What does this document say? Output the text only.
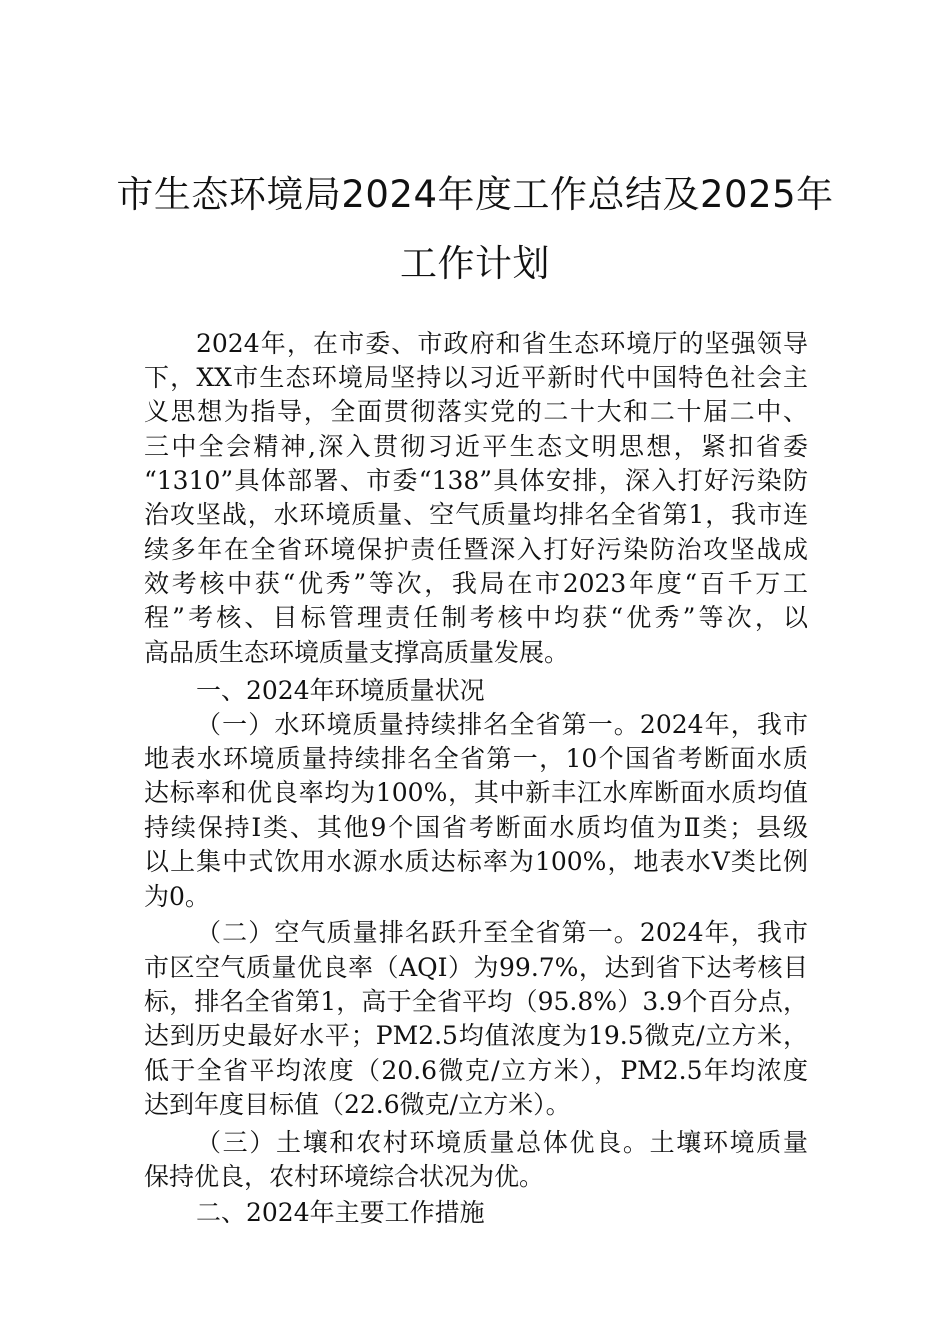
市生态环境局2024年度工作总结及2025年
工作计划
2024年，在市委、市政府和省生态环境厅的坚强领导
下，XX市生态环境局坚持以习近平新时代中国特色社会主
义思想为指导，全面贯彻落实党的二十大和二十届二中、
三中全会精神,深入贯彻习近平生态文明思想，紧扣省委
“1310”具体部署、市委“138”具体安排，深入打好污染防
治攻坚战，水环境质量、空气质量均排名全省第1，我市连
续多年在全省环境保护责任暨深入打好污染防治攻坚战成
效考核中获“优秀”等次，我局在市2023年度“百千万工
程”考核、目标管理责任制考核中均获“优秀”等次，以
高品质生态环境质量支撑高质量发展。
一、2024年环境质量状况
（一）水环境质量持续排名全省第一。2024年，我市
地表水环境质量持续排名全省第一，10个国省考断面水质
达标率和优良率均为100%，其中新丰江水库断面水质均值
持续保持Ⅰ类、其他9个国省考断面水质均值为Ⅱ类；县级
以上集中式饮用水源水质达标率为100%，地表水Ⅴ类比例
为0。
（二）空气质量排名跃升至全省第一。2024年，我市
市区空气质量优良率（AQI）为99.7%，达到省下达考核目
标，排名全省第1，高于全省平均（95.8%）3.9个百分点，
达到历史最好水平；PM2.5均值浓度为19.5微克/立方米，
低于全省平均浓度（20.6微克/立方米），PM2.5年均浓度
达到年度目标值（22.6微克/立方米）。
（三）土壤和农村环境质量总体优良。土壤环境质量
保持优良，农村环境综合状况为优。
二、2024年主要工作措施
